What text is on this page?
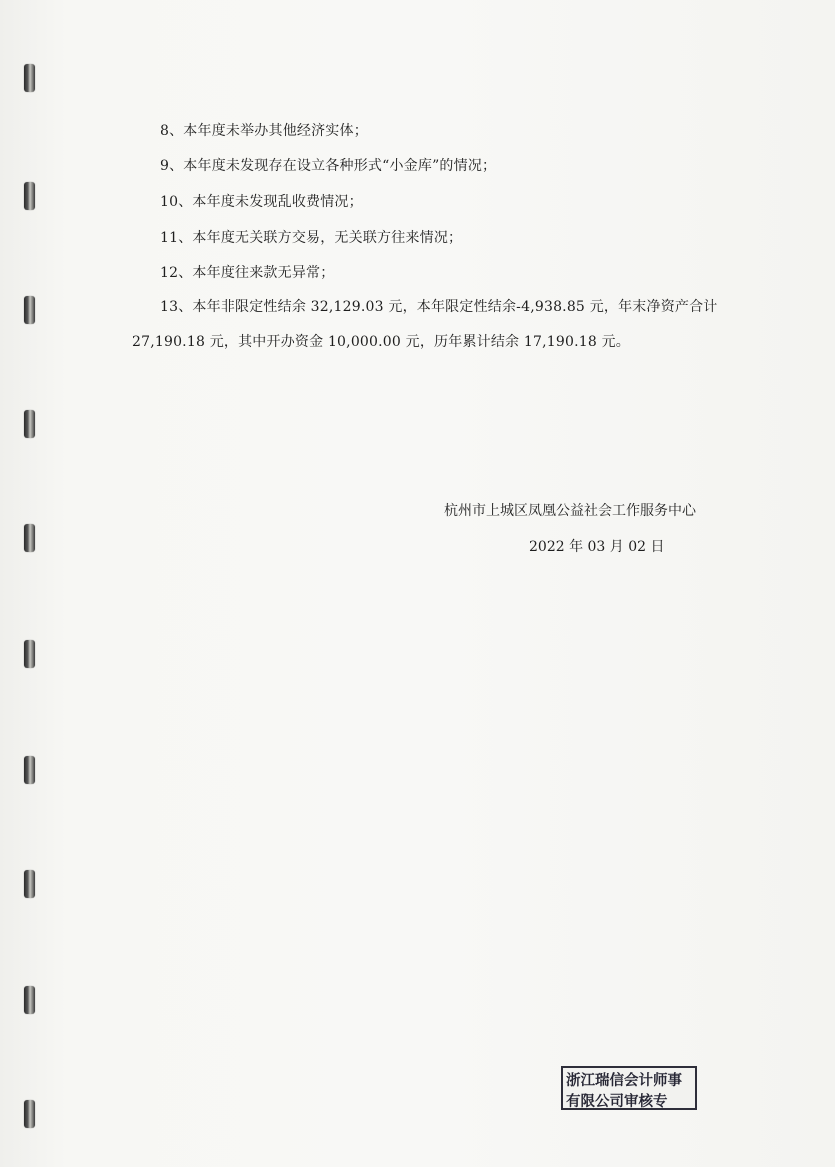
8、本年度未举办其他经济实体；
9、本年度未发现存在设立各种形式“小金库”的情况；
10、本年度未发现乱收费情况；
11、本年度无关联方交易，无关联方往来情况；
12、本年度往来款无异常；
13、本年非限定性结余 32,129.03 元，本年限定性结余-4,938.85 元，年末净资产合计
27,190.18 元，其中开办资金 10,000.00 元，历年累计结余 17,190.18 元。
杭州市上城区凤凰公益社会工作服务中心
2022 年 03 月 02 日
浙江瑞信会计师事
有限公司审核专
